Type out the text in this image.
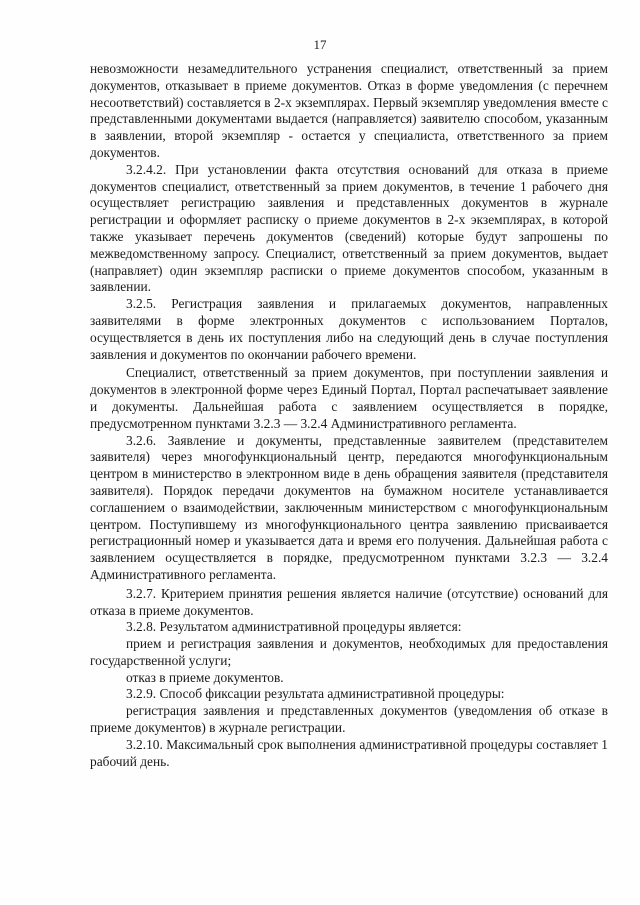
17

невозможности незамедлительного устранения специалист, ответственный за прием документов, отказывает в приеме документов. Отказ в форме уведомления (с перечнем несоответствий) составляется в 2-х экземплярах. Первый экземпляр уведомления вместе с представленными документами выдается (направляется) заявителю способом, указанным в заявлении, второй экземпляр - остается у специалиста, ответственного за прием документов.

3.2.4.2. При установлении факта отсутствия оснований для отказа в приеме документов специалист, ответственный за прием документов, в течение 1 рабочего дня осуществляет регистрацию заявления и представленных документов в журнале регистрации и оформляет расписку о приеме документов в 2-х экземплярах, в которой также указывает перечень документов (сведений) которые будут запрошены по межведомственному запросу. Специалист, ответственный за прием документов, выдает (направляет) один экземпляр расписки о приеме документов способом, указанным в заявлении.

3.2.5. Регистрация заявления и прилагаемых документов, направленных заявителями в форме электронных документов с использованием Порталов, осуществляется в день их поступления либо на следующий день в случае поступления заявления и документов по окончании рабочего времени.

Специалист, ответственный за прием документов, при поступлении заявления и документов в электронной форме через Единый Портал, Портал распечатывает заявление и документы. Дальнейшая работа с заявлением осуществляется в порядке, предусмотренном пунктами 3.2.3 — 3.2.4 Административного регламента.

3.2.6. Заявление и документы, представленные заявителем (представителем заявителя) через многофункциональный центр, передаются многофункциональным центром в министерство в электронном виде в день обращения заявителя (представителя заявителя). Порядок передачи документов на бумажном носителе устанавливается соглашением о взаимодействии, заключенным министерством с многофункциональным центром. Поступившему из многофункционального центра заявлению присваивается регистрационный номер и указывается дата и время его получения. Дальнейшая работа с заявлением осуществляется в порядке, предусмотренном пунктами 3.2.3 — 3.2.4 Административного регламента.

3.2.7. Критерием принятия решения является наличие (отсутствие) оснований для отказа в приеме документов.

3.2.8. Результатом административной процедуры является:

прием и регистрация заявления и документов, необходимых для предоставления государственной услуги;

отказ в приеме документов.

3.2.9. Способ фиксации результата административной процедуры:

регистрация заявления и представленных документов (уведомления об отказе в приеме документов) в журнале регистрации.

3.2.10. Максимальный срок выполнения административной процедуры составляет 1 рабочий день.
